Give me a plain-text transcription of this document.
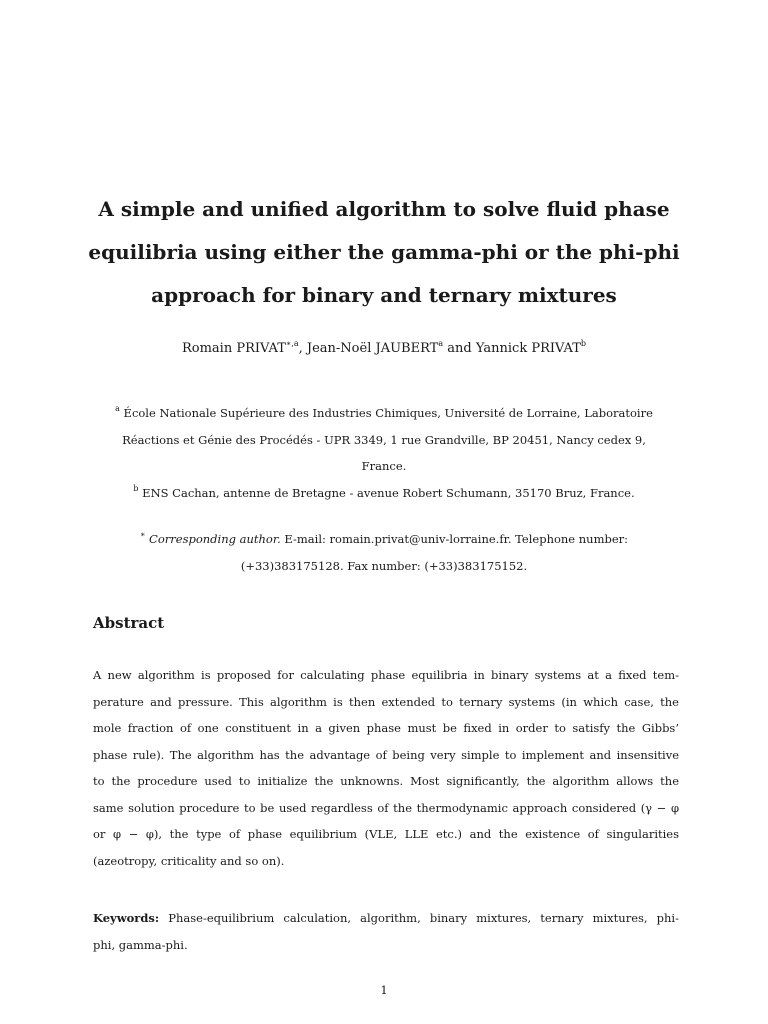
A simple and unified algorithm to solve fluid phase
equilibria using either the gamma-phi or the phi-phi
approach for binary and ternary mixtures
Romain $PRIVAT^{∗,a}$, Jean-Noël JAUBERT$^a$ and Yannick PRIVAT$^b$
$^a$ École Nationale Supérieure des Industries Chimiques, Université de Lorraine, Laboratoire
Réactions et Génie des Procédés - UPR 3349, 1 rue Grandville, BP 20451, Nancy cedex 9,
France.
$^b$ ENS Cachan, antenne de Bretagne - avenue Robert Schumann, 35170 Bruz, France.
∗ Corresponding author. E-mail: romain.privat@univ-lorraine.fr. Telephone number:
(+33)383175128. Fax number: (+33)383175152.
Abstract
A new algorithm is proposed for calculating phase equilibria in binary systems at a fixed tem-
perature and pressure. This algorithm is then extended to ternary systems (in which case, the
mole fraction of one constituent in a given phase must be fixed in order to satisfy the Gibbs’
phase rule). The algorithm has the advantage of being very simple to implement and insensitive
to the procedure used to initialize the unknowns. Most significantly, the algorithm allows the
same solution procedure to be used regardless of the thermodynamic approach considered (γ − φ
or φ − φ), the type of phase equilibrium (VLE, LLE etc.) and the existence of singularities
(azeotropy, criticality and so on).
Keywords: Phase-equilibrium calculation, algorithm, binary mixtures, ternary mixtures, phi-
phi, gamma-phi.
1
